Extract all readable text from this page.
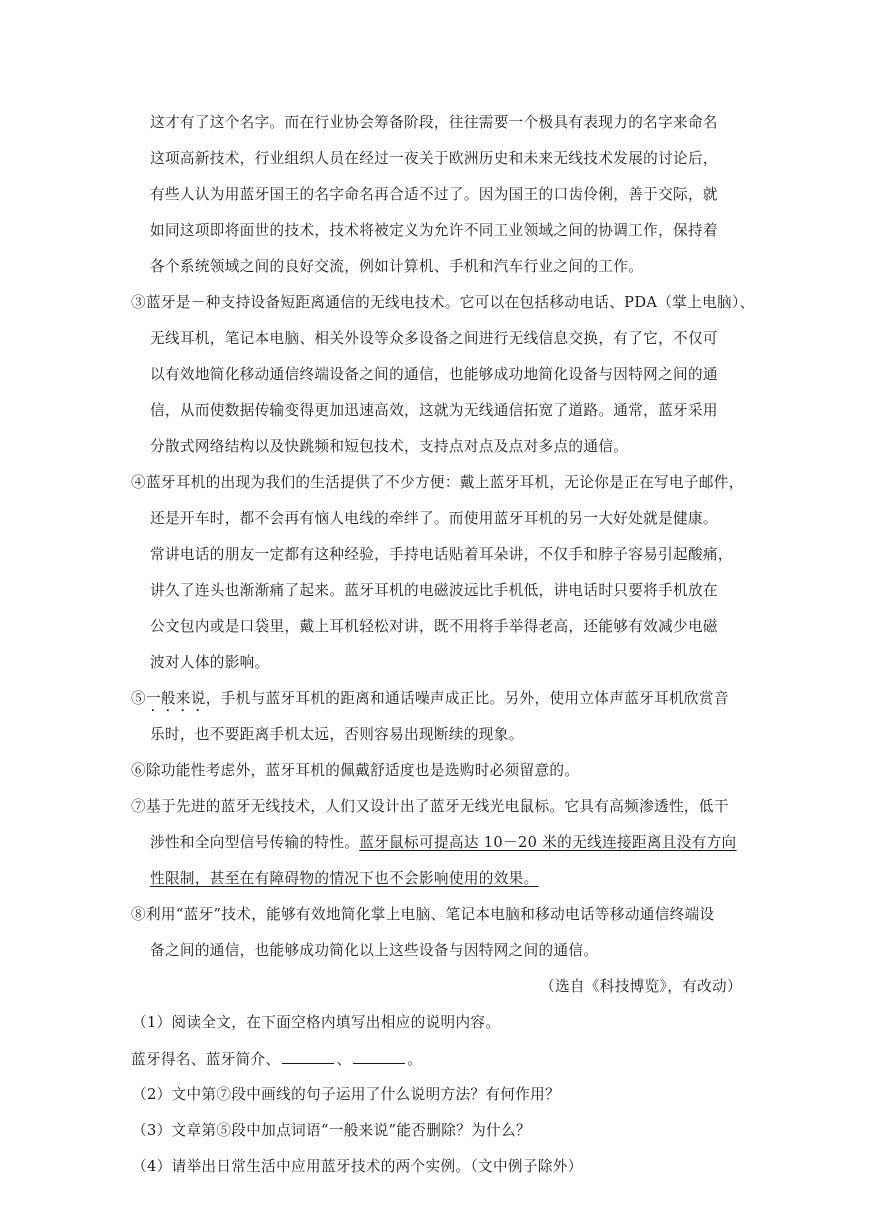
这才有了这个名字。而在行业协会筹备阶段，往往需要一个极具有表现力的名字来命名
这项高新技术，行业组织人员在经过一夜关于欧洲历史和未来无线技术发展的讨论后，
有些人认为用蓝牙国王的名字命名再合适不过了。因为国王的口齿伶俐，善于交际，就
如同这项即将面世的技术，技术将被定义为允许不同工业领域之间的协调工作，保持着
各个系统领域之间的良好交流，例如计算机、手机和汽车行业之间的工作。
③蓝牙是－种支持设备短距离通信的无线电技术。它可以在包括移动电话、PDA（掌上电脑）、
无线耳机，笔记本电脑、相关外设等众多设备之间进行无线信息交换，有了它，不仅可
以有效地简化移动通信终端设备之间的通信，也能够成功地简化设备与因特网之间的通
信，从而使数据传输变得更加迅速高效，这就为无线通信拓宽了道路。通常，蓝牙采用
分散式网络结构以及快跳频和短包技术，支持点对点及点对多点的通信。
④蓝牙耳机的出现为我们的生活提供了不少方便：戴上蓝牙耳机，无论你是正在写电子邮件，
还是开车时，都不会再有恼人电线的牵绊了。而使用蓝牙耳机的另一大好处就是健康。
常讲电话的朋友一定都有这种经验，手持电话贴着耳朵讲，不仅手和脖子容易引起酸痛，
讲久了连头也渐渐痛了起来。蓝牙耳机的电磁波远比手机低，讲电话时只要将手机放在
公文包内或是口袋里，戴上耳机轻松对讲，既不用将手举得老高，还能够有效减少电磁
波对人体的影响。
⑤一般来说，手机与蓝牙耳机的距离和通话噪声成正比。另外，使用立体声蓝牙耳机欣赏音
乐时，也不要距离手机太远，否则容易出现断续的现象。
⑥除功能性考虑外，蓝牙耳机的佩戴舒适度也是选购时必须留意的。
⑦基于先进的蓝牙无线技术，人们又设计出了蓝牙无线光电鼠标。它具有高频渗透性，低干
涉性和全向型信号传输的特性。蓝牙鼠标可提高达 10－20 米的无线连接距离且没有方向
性限制，甚至在有障碍物的情况下也不会影响使用的效果。
⑧利用“蓝牙”技术，能够有效地简化掌上电脑、笔记本电脑和移动电话等移动通信终端设
备之间的通信，也能够成功简化以上这些设备与因特网之间的通信。
（选自《科技博览》，有改动）
（1）阅读全文，在下面空格内填写出相应的说明内容。
蓝牙得名、蓝牙简介、	、	。
（2）文中第⑦段中画线的句子运用了什么说明方法？有何作用？
（3）文章第⑤段中加点词语“一般来说”能否删除？为什么？
（4）请举出日常生活中应用蓝牙技术的两个实例。（文中例子除外）
